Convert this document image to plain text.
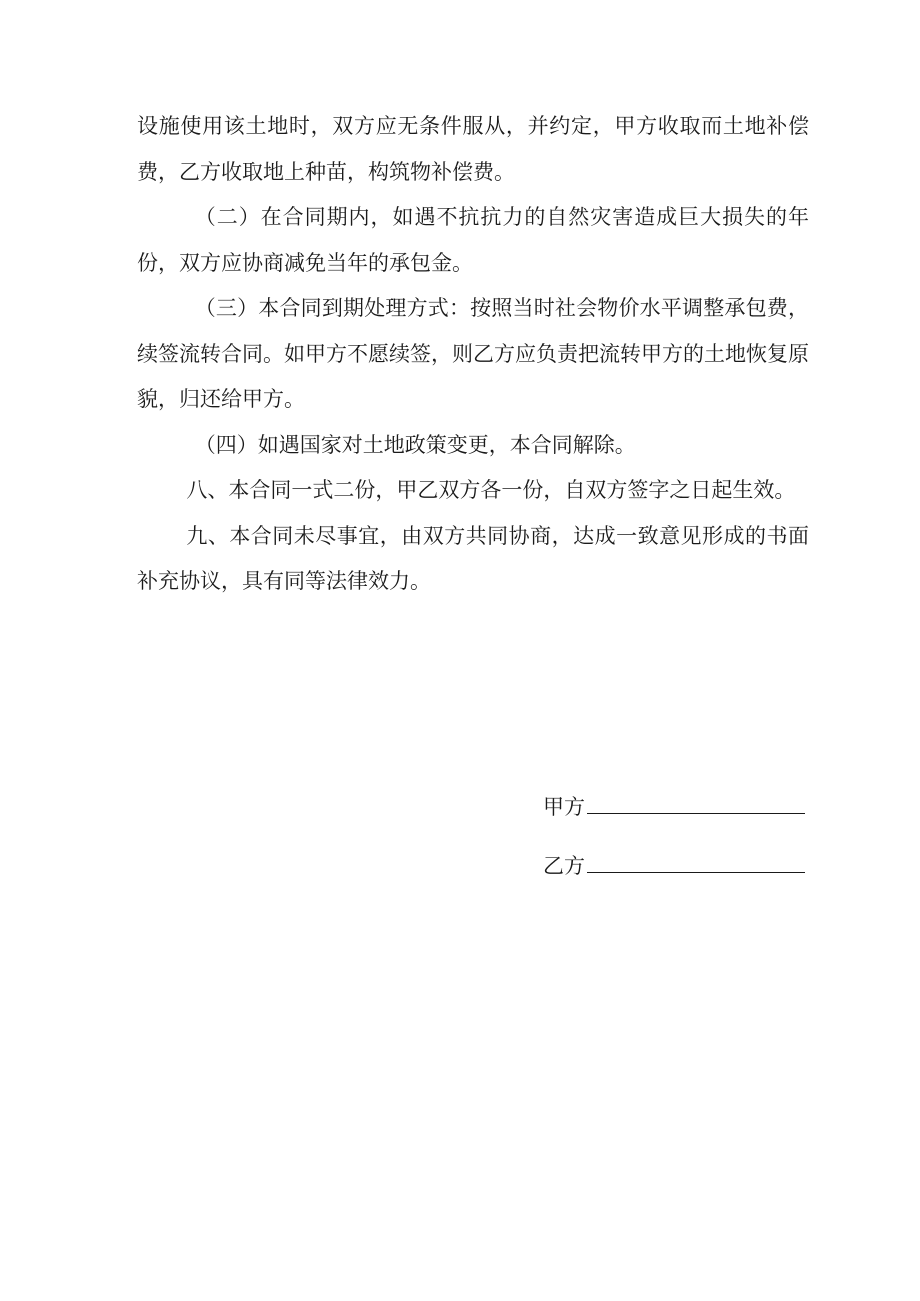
设施使用该土地时，双方应无条件服从，并约定，甲方收取而土地补偿费，乙方收取地上种苗，构筑物补偿费。

（二）在合同期内，如遇不抗抗力的自然灾害造成巨大损失的年份，双方应协商减免当年的承包金。

（三）本合同到期处理方式：按照当时社会物价水平调整承包费，续签流转合同。如甲方不愿续签，则乙方应负责把流转甲方的土地恢复原貌，归还给甲方。

（四）如遇国家对土地政策变更，本合同解除。

八、本合同一式二份，甲乙双方各一份，自双方签字之日起生效。

九、本合同未尽事宜，由双方共同协商，达成一致意见形成的书面补充协议，具有同等法律效力。

甲方
乙方
